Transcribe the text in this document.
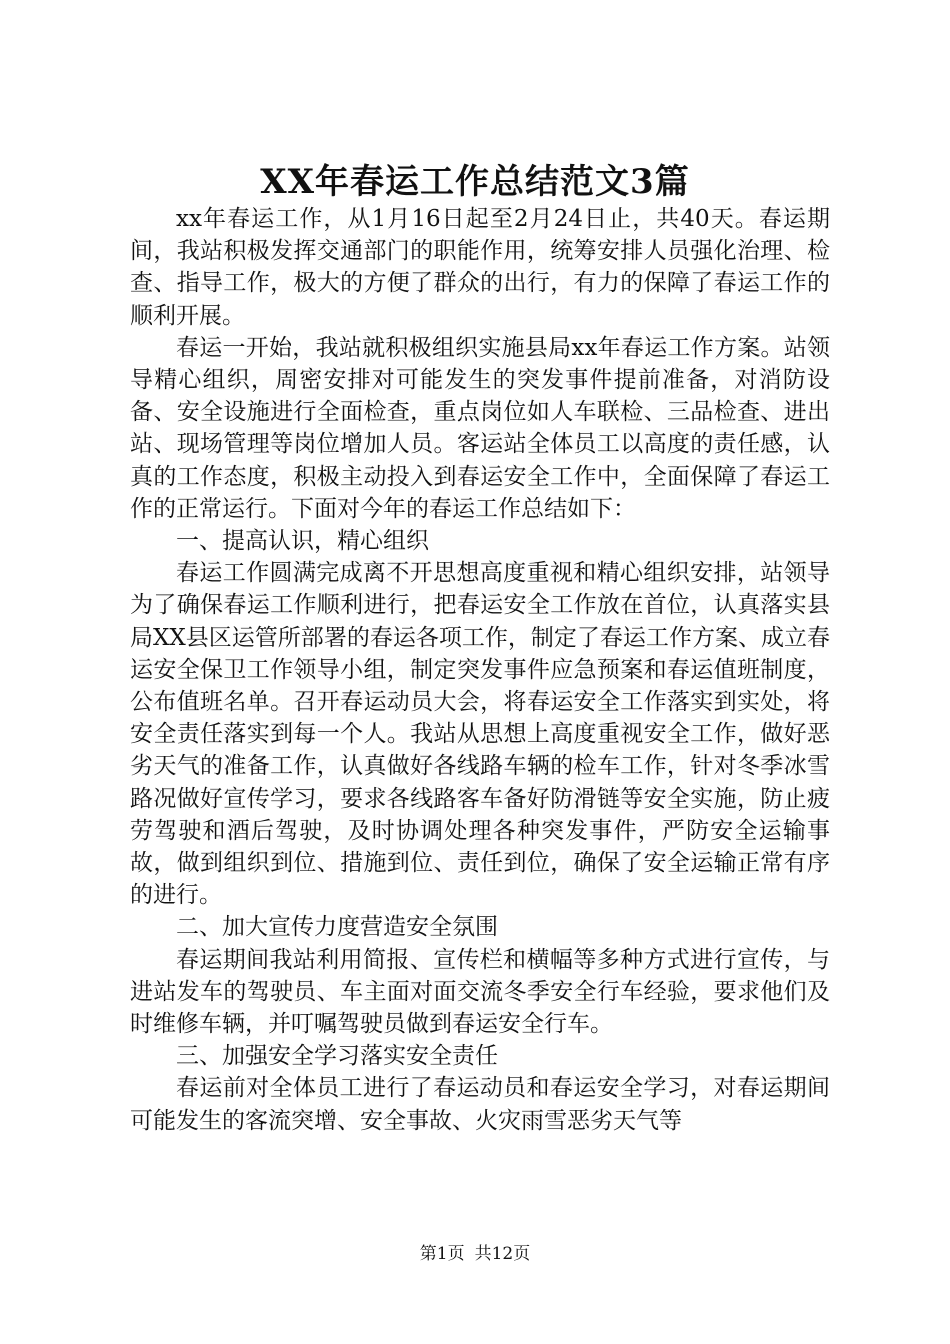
XX年春运工作总结范文3篇

xx年春运工作，从1月16日起至2月24日止，共40天。春运期间，我站积极发挥交通部门的职能作用，统筹安排人员强化治理、检查、指导工作，极大的方便了群众的出行，有力的保障了春运工作的顺利开展。

春运一开始，我站就积极组织实施县局xx年春运工作方案。站领导精心组织，周密安排对可能发生的突发事件提前准备，对消防设备、安全设施进行全面检查，重点岗位如人车联检、三品检查、进出站、现场管理等岗位增加人员。客运站全体员工以高度的责任感，认真的工作态度，积极主动投入到春运安全工作中，全面保障了春运工作的正常运行。下面对今年的春运工作总结如下：

一、提高认识，精心组织

春运工作圆满完成离不开思想高度重视和精心组织安排，站领导为了确保春运工作顺利进行，把春运安全工作放在首位，认真落实县局XX县区运管所部署的春运各项工作，制定了春运工作方案、成立春运安全保卫工作领导小组，制定突发事件应急预案和春运值班制度，公布值班名单。召开春运动员大会，将春运安全工作落实到实处，将安全责任落实到每一个人。我站从思想上高度重视安全工作，做好恶劣天气的准备工作，认真做好各线路车辆的检车工作，针对冬季冰雪路况做好宣传学习，要求各线路客车备好防滑链等安全实施，防止疲劳驾驶和酒后驾驶，及时协调处理各种突发事件，严防安全运输事故，做到组织到位、措施到位、责任到位，确保了安全运输正常有序的进行。

二、加大宣传力度营造安全氛围

春运期间我站利用简报、宣传栏和横幅等多种方式进行宣传，与进站发车的驾驶员、车主面对面交流冬季安全行车经验，要求他们及时维修车辆，并叮嘱驾驶员做到春运安全行车。

三、加强安全学习落实安全责任

春运前对全体员工进行了春运动员和春运安全学习，对春运期间可能发生的客流突增、安全事故、火灾雨雪恶劣天气等

第1页 共12页
